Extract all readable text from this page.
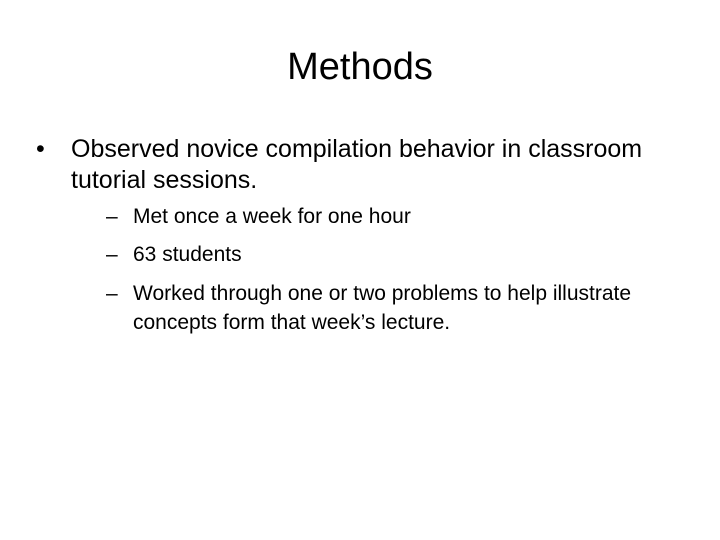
Methods
• Observed novice compilation behavior in classroom tutorial sessions.
– Met once a week for one hour
– 63 students
– Worked through one or two problems to help illustrate concepts form that week’s lecture.
